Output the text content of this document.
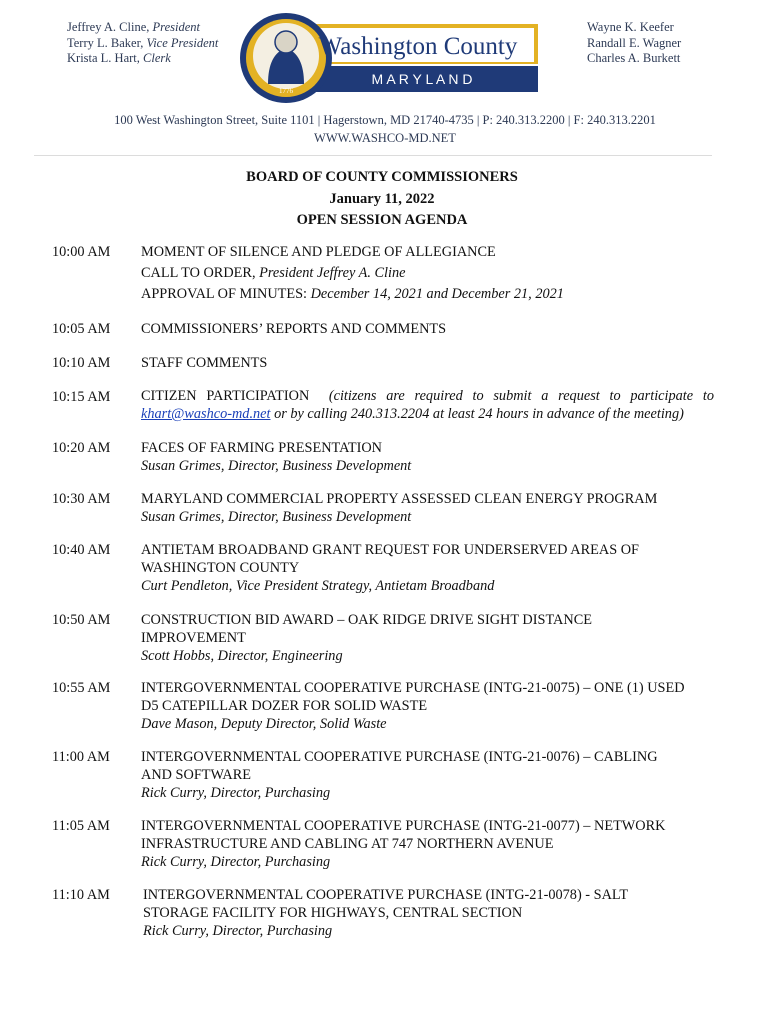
Jeffrey A. Cline, President
Terry L. Baker, Vice President
Krista L. Hart, Clerk
Wayne K. Keefer
Randall E. Wagner
Charles A. Burkett
1776
Washington County
M A R Y L A N D
100 West Washington Street, Suite 1101 | Hagerstown, MD 21740-4735 | P: 240.313.2200 | F: 240.313.2201
WWW.WASHCO-MD.NET
BOARD OF COUNTY COMMISSIONERS
January 11, 2022
OPEN SESSION AGENDA
10:00 AM	MOMENT OF SILENCE AND PLEDGE OF ALLEGIANCE
CALL TO ORDER, President Jeffrey A. Cline
APPROVAL OF MINUTES: December 14, 2021 and December 21, 2021
10:05 AM	COMMISSIONERS’ REPORTS AND COMMENTS
10:10 AM	STAFF COMMENTS
10:15 AM	CITIZEN PARTICIPATION (citizens are required to submit a request to participate to khart@washco-md.net or by calling 240.313.2204 at least 24 hours in advance of the meeting)
10:20 AM	FACES OF FARMING PRESENTATION
Susan Grimes, Director, Business Development
10:30 AM	MARYLAND COMMERCIAL PROPERTY ASSESSED CLEAN ENERGY PROGRAM
Susan Grimes, Director, Business Development
10:40 AM	ANTIETAM BROADBAND GRANT REQUEST FOR UNDERSERVED AREAS OF
WASHINGTON COUNTY
Curt Pendleton, Vice President Strategy, Antietam Broadband
10:50 AM	CONSTRUCTION BID AWARD – OAK RIDGE DRIVE SIGHT DISTANCE
IMPROVEMENT
Scott Hobbs, Director, Engineering
10:55 AM	INTERGOVERNMENTAL COOPERATIVE PURCHASE (INTG-21-0075) – ONE (1) USED
D5 CATEPILLAR DOZER FOR SOLID WASTE
Dave Mason, Deputy Director, Solid Waste
11:00 AM	INTERGOVERNMENTAL COOPERATIVE PURCHASE (INTG-21-0076) – CABLING
AND SOFTWARE
Rick Curry, Director, Purchasing
11:05 AM	INTERGOVERNMENTAL COOPERATIVE PURCHASE (INTG-21-0077) – NETWORK
INFRASTRUCTURE AND CABLING AT 747 NORTHERN AVENUE
Rick Curry, Director, Purchasing
11:10 AM	INTERGOVERNMENTAL COOPERATIVE PURCHASE (INTG-21-0078) - SALT
STORAGE FACILITY FOR HIGHWAYS, CENTRAL SECTION
Rick Curry, Director, Purchasing
